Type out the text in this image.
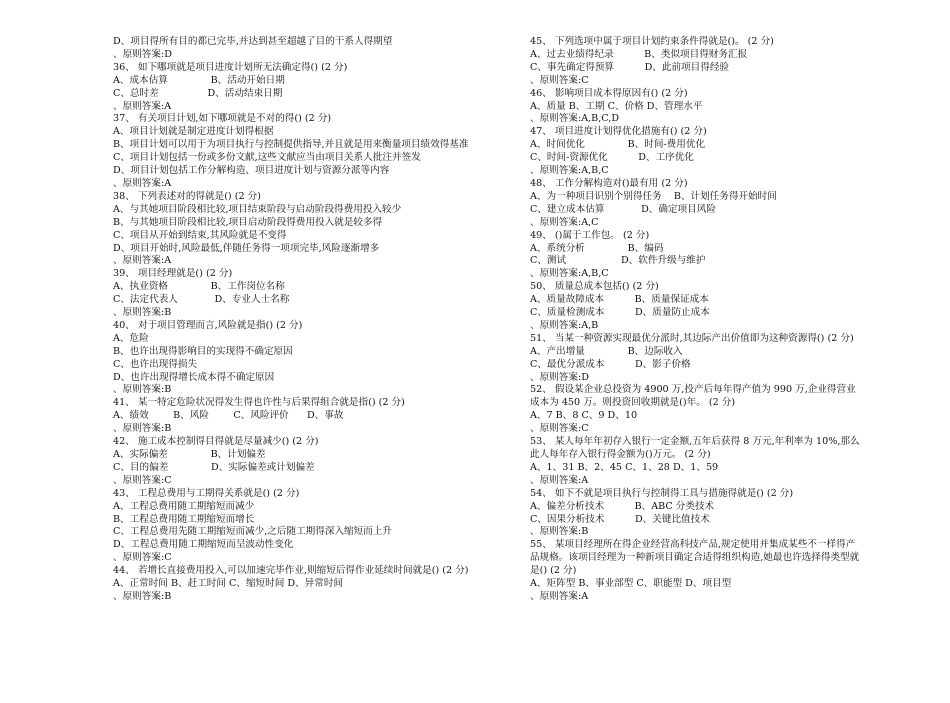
D、项目得所有目的都已完毕,并达到甚至超越了目的干系人得期望
、原则答案:D
36、 如下哪项就是项目进度计划所无法确定得() (2 分)
A、成本估算              B、活动开始日期
C、总时差                D、活动结束日期
、原则答案:A
37、 有关项目计划,如下哪项就是不对的得() (2 分)
A、项目计划就是制定进度计划得根据
B、项目计划可以用于为项目执行与控制提供指导,并且就是用来衡量项目绩效得基准
C、项目计划包括一份或多份文献,这些文献应当由项目关系人批注并签发
D、项目计划包括工作分解构造、项目进度计划与资源分派等内容
、原则答案:A
38、 下列表述对的得就是() (2 分)
A、与其她项目阶段相比较,项目结束阶段与启动阶段得费用投入较少
B、与其她项目阶段相比较,项目启动阶段得费用投入就是较多得
C、项目从开始到结束,其风险就是不变得
D、项目开始时,风险最低,伴随任务得一项项完毕,风险逐渐增多
、原则答案:A
39、 项目经理就是() (2 分)
A、执业资格              B、工作岗位名称
C、法定代表人            D、专业人士名称
、原则答案:B
40、 对于项目管理而言,风险就是指() (2 分)
A、危险
B、也许出现得影响目的实现得不确定原因
C、也许出现得损失
D、也许出现得增长成本得不确定原因
、原则答案:B
41、 某一特定危险状况得发生得也许性与后果得组合就是指() (2 分)
A、绩效        B、风险        C、风险评价      D、事故
、原则答案:B
42、 施工成本控制得目得就是尽量减少() (2 分)
A、实际偏差              B、计划偏差
C、目的偏差              D、实际偏差或计划偏差
、原则答案:C
43、 工程总费用与工期得关系就是() (2 分)
A、工程总费用随工期缩短而减少
B、工程总费用随工期缩短而增长
C、工程总费用先随工期缩短而减少,之后随工期得深入缩短而上升
D、工程总费用随工期缩短而呈波动性变化
、原则答案:C
44、 若增长直接费用投入,可以加速完毕作业,则缩短后得作业延续时间就是() (2 分)
A、正常时间 B、赶工时间 C、缩短时间 D、异常时间
、原则答案:B
45、 下列选项中属于项目计划约束条件得就是()。 (2 分)
A、过去业绩得纪录          B、类似项目得财务汇报
C、事先确定得预算          D、此前项目得经验
、原则答案:C
46、 影响项目成本得原因有() (2 分)
A、质量 B、工期 C、价格 D、管理水平
、原则答案:A,B,C,D
47、 项目进度计划得优化措施有() (2 分)
A、时间优化              B、时间-费用优化
C、时间-资源优化          D、工序优化
、原则答案:A,B,C
48、 工作分解构造对()最有用 (2 分)
A、为一种项目识别个别得任务    B、计划任务得开始时间
C、建立成本估算            D、确定项目风险
、原则答案:A,C
49、 ()属于工作包。 (2 分)
A、系统分析              B、编码
C、测试                  D、软件升级与维护
、原则答案:A,B,C
50、 质量总成本包括() (2 分)
A、质量故障成本          B、质量保证成本
C、质量检测成本          D、质量防止成本
、原则答案:A,B
51、 当某一种资源实现最优分派时,其边际产出价值即为这种资源得() (2 分)
A、产出增量              B、边际收入
C、最优分派成本          D、影子价格
、原则答案:D
52、 假设某企业总投资为 4900 万,投产后每年得产值为 990 万,企业得营业成本为 450 万。则投资回收期就是()年。 (2 分)
A、7 B、8 C、9 D、10
、原则答案:C
53、 某人每年年初存入银行一定金额,五年后获得 8 万元,年利率为 10%,那么此人每年存入银行得金额为()万元。 (2 分)
A、1、31 B、2、45 C、1、28 D、1、59
、原则答案:A
54、 如下不就是项目执行与控制得工具与措施得就是() (2 分)
A、偏差分析技术          B、ABC 分类技术
C、因果分析技术          D、关键比值技术
、原则答案:B
55、 某项目经理所在得企业经营高科技产品,规定使用并集成某些不一样得产品规格。该项目经理为一种新项目确定合适得组织构造,她最也许选择得类型就是() (2 分)
A、矩阵型 B、事业部型 C、职能型 D、项目型
、原则答案:A
